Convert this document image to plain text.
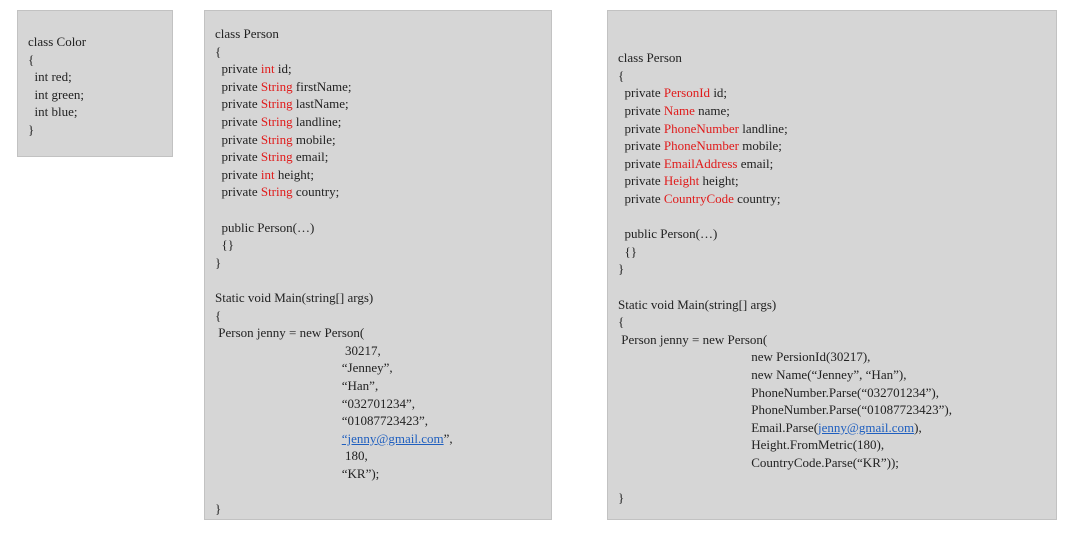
class Color
{
int red;
int green;
int blue;
}
class Person
{
private int id;
private String firstName;
private String lastName;
private String landline;
private String mobile;
private String email;
private int height;
private String country;
public Person(…)
{}
}
Static void Main(string[] args)
{
Person jenny = new Person(
30217,
“Jenney”,
“Han”,
“032701234”,
“01087723423”,
“jenny@gmail.com”,
180,
“KR”);
}
class Person
{
private PersonId id;
private Name name;
private PhoneNumber landline;
private PhoneNumber mobile;
private EmailAddress email;
private Height height;
private CountryCode country;
public Person(…)
{}
}
Static void Main(string[] args)
{
Person jenny = new Person(
new PersionId(30217),
new Name(“Jenney”, “Han”),
PhoneNumber.Parse(“032701234”),
PhoneNumber.Parse(“01087723423”),
Email.Parse(jenny@gmail.com),
Height.FromMetric(180),
CountryCode.Parse(“KR”));
}
